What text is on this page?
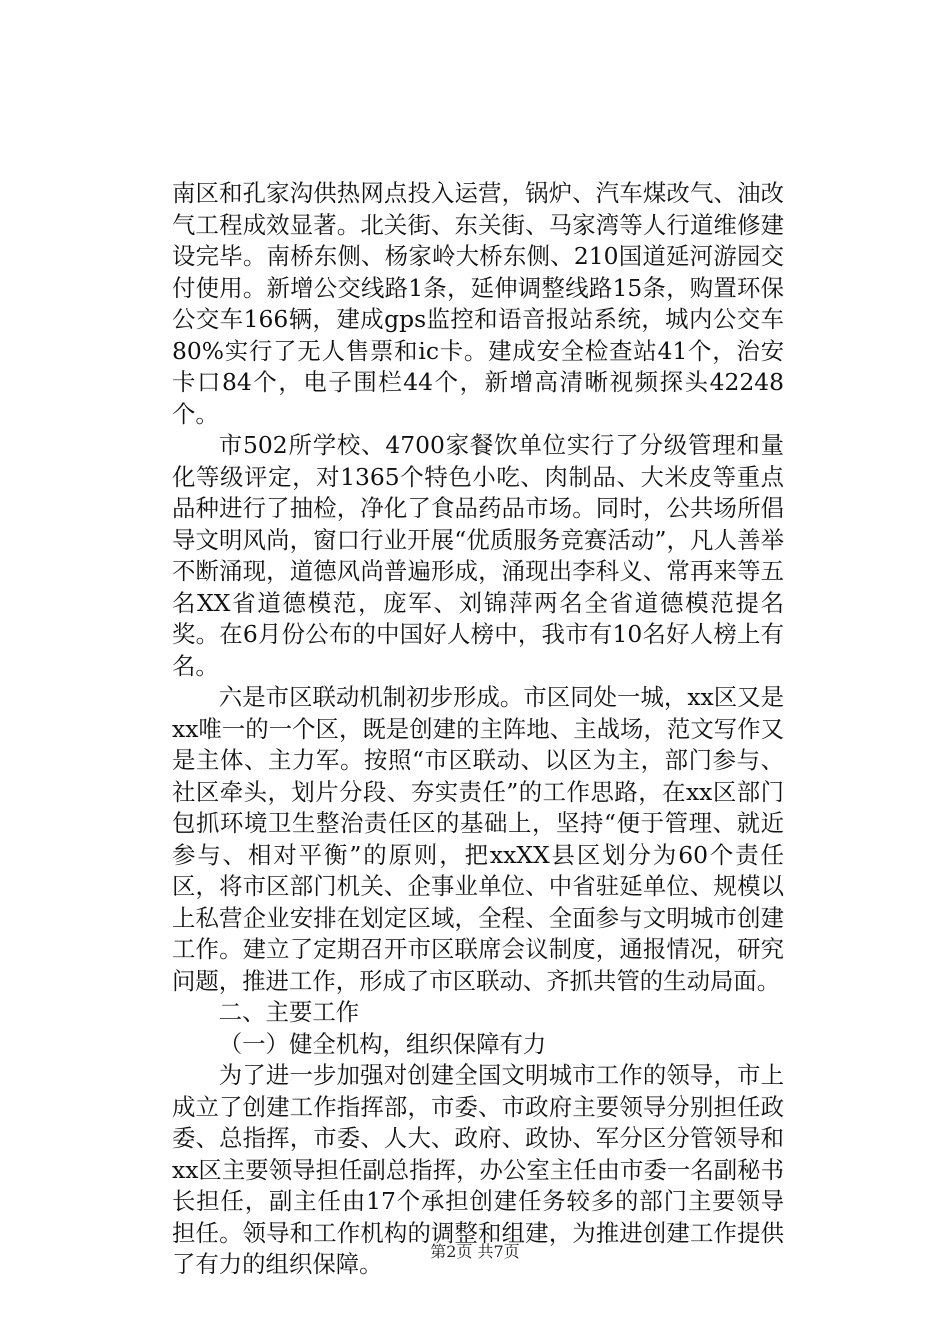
南区和孔家沟供热网点投入运营，锅炉、汽车煤改气、油改气工程成效显著。北关街、东关街、马家湾等人行道维修建设完毕。南桥东侧、杨家岭大桥东侧、210国道延河游园交付使用。新增公交线路1条，延伸调整线路15条，购置环保公交车166辆，建成gps监控和语音报站系统，城内公交车80%实行了无人售票和ic卡。建成安全检查站41个，治安卡口84个，电子围栏44个，新增高清晰视频探头42248个。

市502所学校、4700家餐饮单位实行了分级管理和量化等级评定，对1365个特色小吃、肉制品、大米皮等重点品种进行了抽检，净化了食品药品市场。同时，公共场所倡导文明风尚，窗口行业开展“优质服务竞赛活动”，凡人善举不断涌现，道德风尚普遍形成，涌现出李科义、常再来等五名XX省道德模范，庞军、刘锦萍两名全省道德模范提名奖。在6月份公布的中国好人榜中，我市有10名好人榜上有名。

六是市区联动机制初步形成。市区同处一城，xx区又是xx唯一的一个区，既是创建的主阵地、主战场，范文写作又是主体、主力军。按照“市区联动、以区为主，部门参与、社区牵头，划片分段、夯实责任”的工作思路，在xx区部门包抓环境卫生整治责任区的基础上，坚持“便于管理、就近参与、相对平衡”的原则，把xxXX县区划分为60个责任区，将市区部门机关、企事业单位、中省驻延单位、规模以上私营企业安排在划定区域，全程、全面参与文明城市创建工作。建立了定期召开市区联席会议制度，通报情况，研究问题，推进工作，形成了市区联动、齐抓共管的生动局面。

二、主要工作

（一）健全机构，组织保障有力

为了进一步加强对创建全国文明城市工作的领导，市上成立了创建工作指挥部，市委、市政府主要领导分别担任政委、总指挥，市委、人大、政府、政协、军分区分管领导和xx区主要领导担任副总指挥，办公室主任由市委一名副秘书长担任，副主任由17个承担创建任务较多的部门主要领导担任。领导和工作机构的调整和组建，为推进创建工作提供了有力的组织保障。	第2页 共7页
